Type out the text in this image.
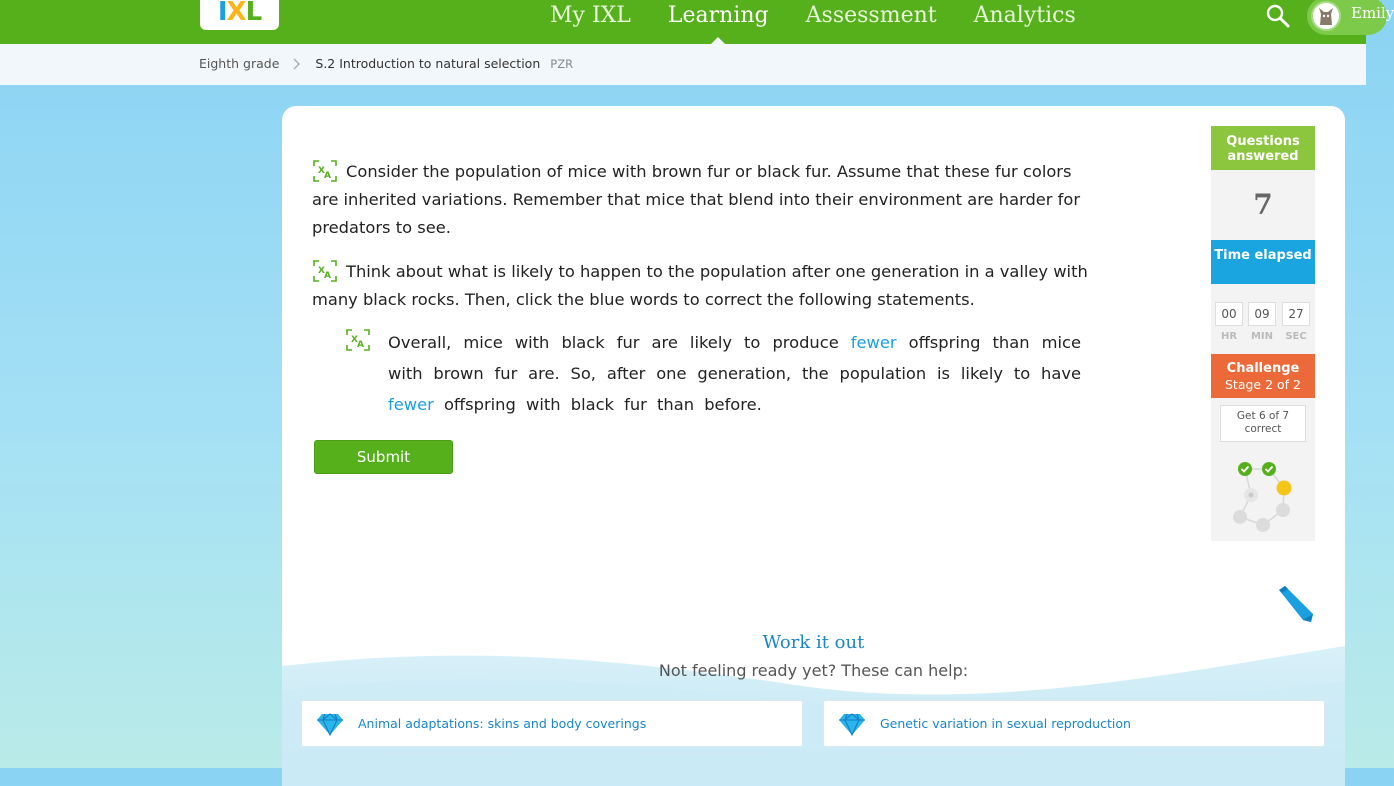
I X L	My IXL Learning Assessment Analytics	Emily
Eighth grade	S.2 Introduction to natural selection PZR
X A Consider the population of mice with brown fur or black fur. Assume that these fur colors are inherited variations. Remember that mice that blend into their environment are harder for predators to see.
X A Think about what is likely to happen to the population after one generation in a valley with many black rocks. Then, click the blue words to correct the following statements.
X A Overall, mice with black fur are likely to produce fewer offspring than mice with brown fur are. So, after one generation, the population is likely to have fewer offspring with black fur than before.
Submit
Questions answered
7
Time elapsed
00	09	27
HR	MIN	SEC
Challenge
Stage 2 of 2
Get 6 of 7 correct
Work it out
Not feeling ready yet? These can help:
Animal adaptations: skins and body coverings	Genetic variation in sexual reproduction
